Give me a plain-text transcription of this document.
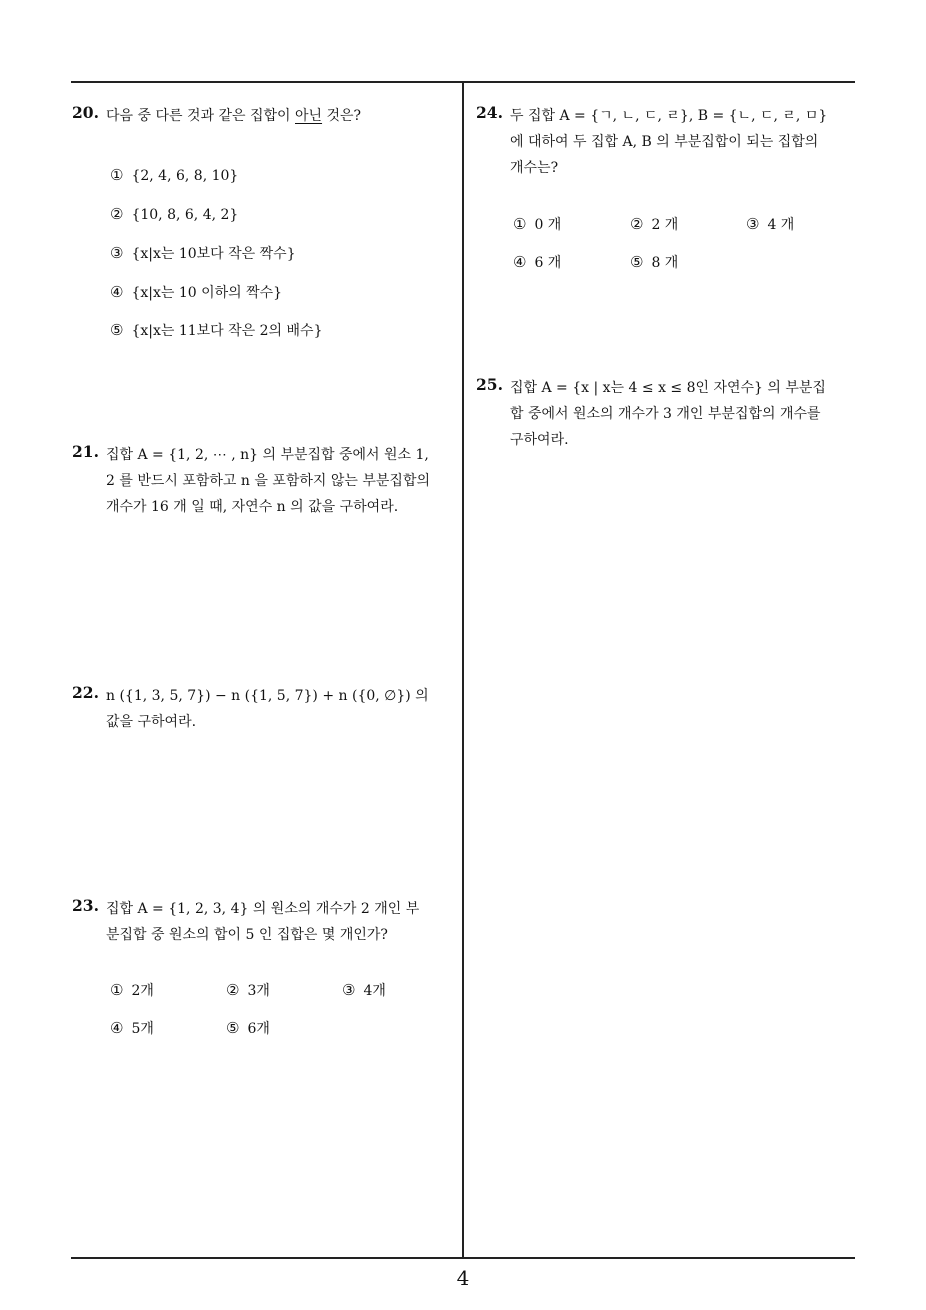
20. 다음 중 다른 것과 같은 집합이 아닌 것은?
① {2, 4, 6, 8, 10}
② {10, 8, 6, 4, 2}
③ {x|x는 10보다 작은 짝수}
④ {x|x는 10 이하의 짝수}
⑤ {x|x는 11보다 작은 2의 배수}
21. 집합 A = {1, 2, ⋯ , n} 의 부분집합 중에서 원소 1, 2 를 반드시 포함하고 n 을 포함하지 않는 부분집합의 개수가 16 개 일 때, 자연수 n 의 값을 구하여라.
22. n ({1, 3, 5, 7}) − n ({1, 5, 7}) + n ({0, ∅}) 의 값을 구하여라.
23. 집합 A = {1, 2, 3, 4} 의 원소의 개수가 2 개인 부분집합 중 원소의 합이 5 인 집합은 몇 개인가?
① 2개	② 3개	③ 4개
④ 5개	⑤ 6개
24. 두 집합 A = {ㄱ, ㄴ, ㄷ, ㄹ}, B = {ㄴ, ㄷ, ㄹ, ㅁ} 에 대하여 두 집합 A, B 의 부분집합이 되는 집합의 개수는?
① 0 개	② 2 개	③ 4 개
④ 6 개	⑤ 8 개
25. 집합 A = {x | x는 4 ≤ x ≤ 8인 자연수} 의 부분집합 중에서 원소의 개수가 3 개인 부분집합의 개수를 구하여라.
4
